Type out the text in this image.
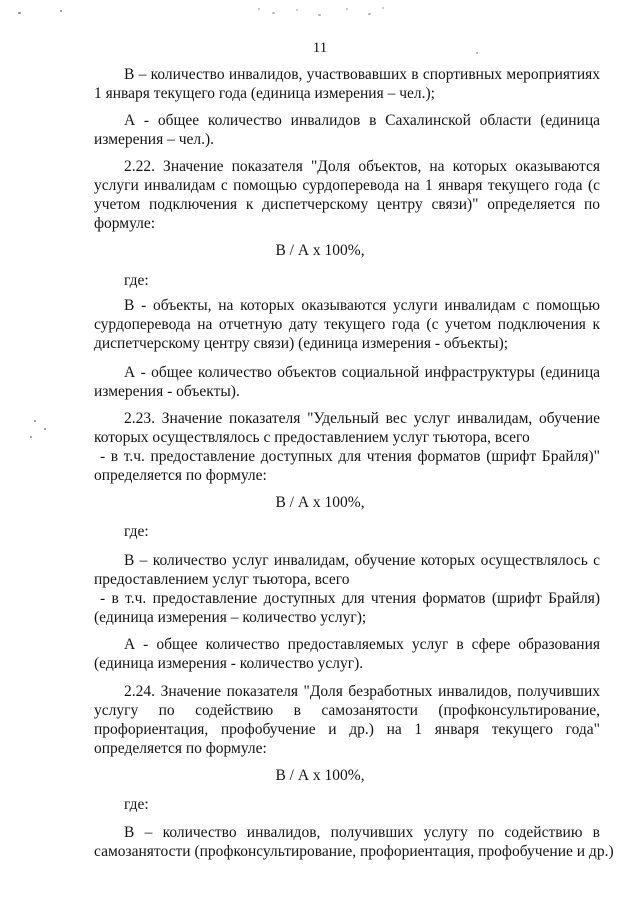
11
В – количество инвалидов, участвовавших в спортивных мероприятиях
1 января текущего года (единица измерения – чел.);
А - общее количество инвалидов в Сахалинской области (единица
измерения – чел.).
2.22. Значение показателя "Доля объектов, на которых оказываются
услуги инвалидам с помощью сурдоперевода на 1 января текущего года (с
учетом подключения к диспетчерскому центру связи)" определяется по
формуле:
В / А х 100%,
где:
В - объекты, на которых оказываются услуги инвалидам с помощью
сурдоперевода на отчетную дату текущего года (с учетом подключения к
диспетчерскому центру связи) (единица измерения - объекты);
А - общее количество объектов социальной инфраструктуры (единица
измерения - объекты).
2.23. Значение показателя "Удельный вес услуг инвалидам, обучение
которых осуществлялось с предоставлением услуг тьютора, всего
- в т.ч. предоставление доступных для чтения форматов (шрифт Брайля)"
определяется по формуле:
В / А х 100%,
где:
В – количество услуг инвалидам, обучение которых осуществлялось с
предоставлением услуг тьютора, всего
- в т.ч. предоставление доступных для чтения форматов (шрифт Брайля)
(единица измерения – количество услуг);
А - общее количество предоставляемых услуг в сфере образования
(единица измерения - количество услуг).
2.24. Значение показателя "Доля безработных инвалидов, получивших
услугу по содействию в самозанятости (профконсультирование,
профориентация, профобучение и др.) на 1 января текущего года"
определяется по формуле:
В / А х 100%,
где:
В – количество инвалидов, получивших услугу по содействию в
самозанятости (профконсультирование, профориентация, профобучение и др.)
